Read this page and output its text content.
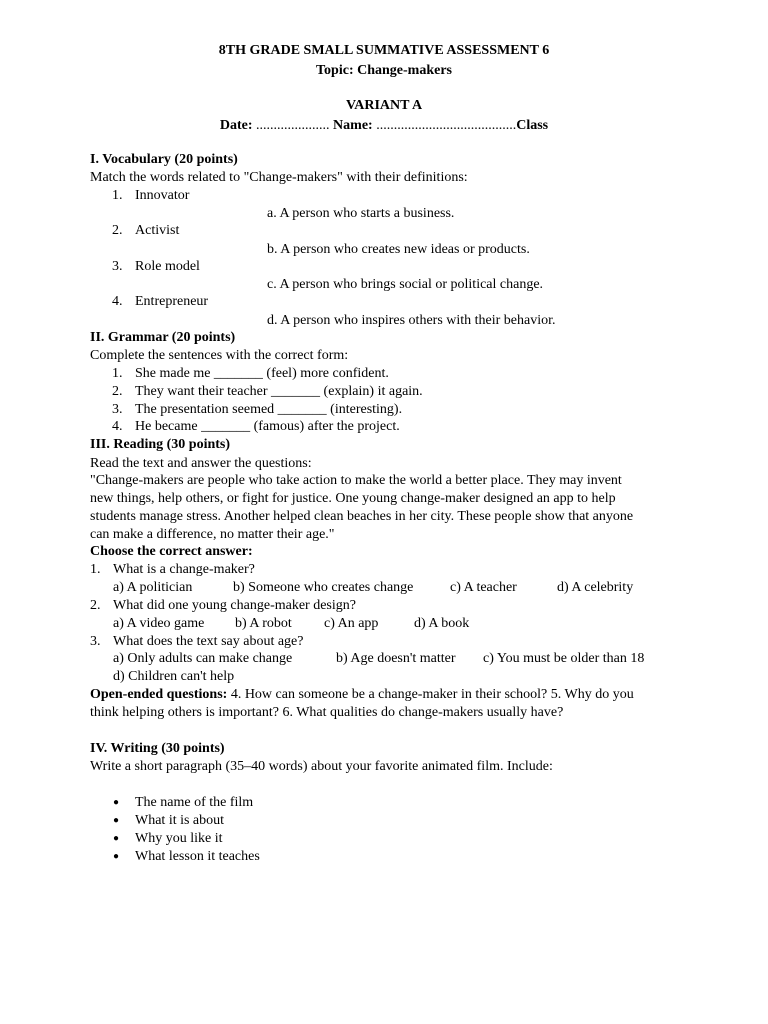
8TH GRADE SMALL SUMMATIVE ASSESSMENT 6
Topic: Change-makers
VARIANT A
Date: ..................... Name: ........................................Class
I. Vocabulary (20 points)
Match the words related to "Change-makers" with their definitions:
1. Innovator
a. A person who starts a business.
2. Activist
b. A person who creates new ideas or products.
3. Role model
c. A person who brings social or political change.
4. Entrepreneur
d. A person who inspires others with their behavior.
II. Grammar (20 points)
Complete the sentences with the correct form:
1. She made me _______ (feel) more confident.
2. They want their teacher _______ (explain) it again.
3. The presentation seemed _______ (interesting).
4. He became _______ (famous) after the project.
III. Reading (30 points)
Read the text and answer the questions:
"Change-makers are people who take action to make the world a better place. They may invent
new things, help others, or fight for justice. One young change-maker designed an app to help
students manage stress. Another helped clean beaches in her city. These people show that anyone
can make a difference, no matter their age."
Choose the correct answer:
1. What is a change-maker?
a) A politician	b) Someone who creates change	c) A teacher	d) A celebrity
2. What did one young change-maker design?
a) A video game b) A robot c) An app	d) A book
3. What does the text say about age?
a) Only adults can make change	b) Age doesn't matter c) You must be older than 18
d) Children can't help
Open-ended questions: 4. How can someone be a change-maker in their school? 5. Why do you
think helping others is important? 6. What qualities do change-makers usually have?
IV. Writing (30 points)
Write a short paragraph (35–40 words) about your favorite animated film. Include:
● The name of the film
● What it is about
● Why you like it
● What lesson it teaches
